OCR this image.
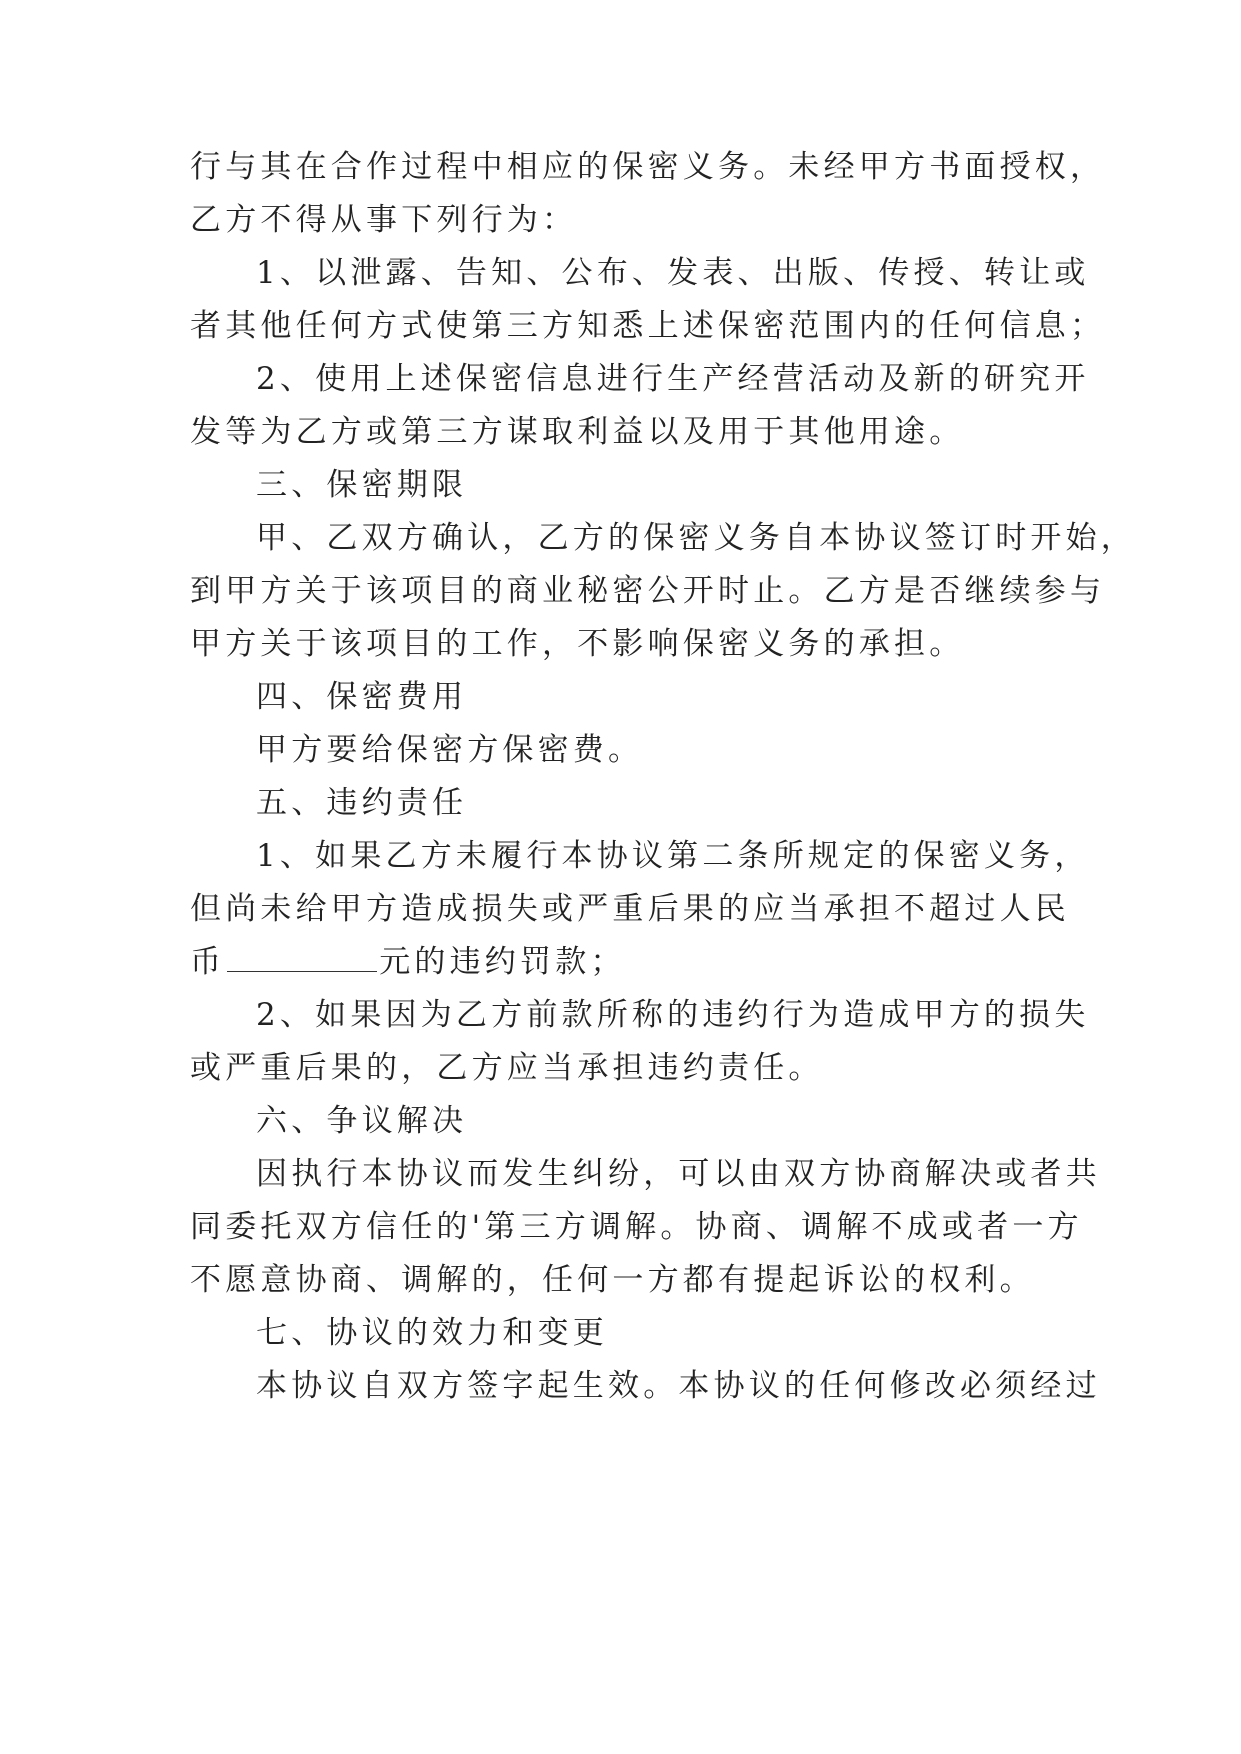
行与其在合作过程中相应的保密义务。未经甲方书面授权，
乙方不得从事下列行为：
1、以泄露、告知、公布、发表、出版、传授、转让或
者其他任何方式使第三方知悉上述保密范围内的任何信息；
2、使用上述保密信息进行生产经营活动及新的研究开
发等为乙方或第三方谋取利益以及用于其他用途。
三、保密期限
甲、乙双方确认，乙方的保密义务自本协议签订时开始，
到甲方关于该项目的商业秘密公开时止。乙方是否继续参与
甲方关于该项目的工作，不影响保密义务的承担。
四、保密费用
甲方要给保密方保密费。
五、违约责任
1、如果乙方未履行本协议第二条所规定的保密义务，
但尚未给甲方造成损失或严重后果的应当承担不超过人民
币	元的违约罚款；
2、如果因为乙方前款所称的违约行为造成甲方的损失
或严重后果的，乙方应当承担违约责任。
六、争议解决
因执行本协议而发生纠纷，可以由双方协商解决或者共
同委托双方信任的'第三方调解。协商、调解不成或者一方
不愿意协商、调解的，任何一方都有提起诉讼的权利。
七、协议的效力和变更
本协议自双方签字起生效。本协议的任何修改必须经过
